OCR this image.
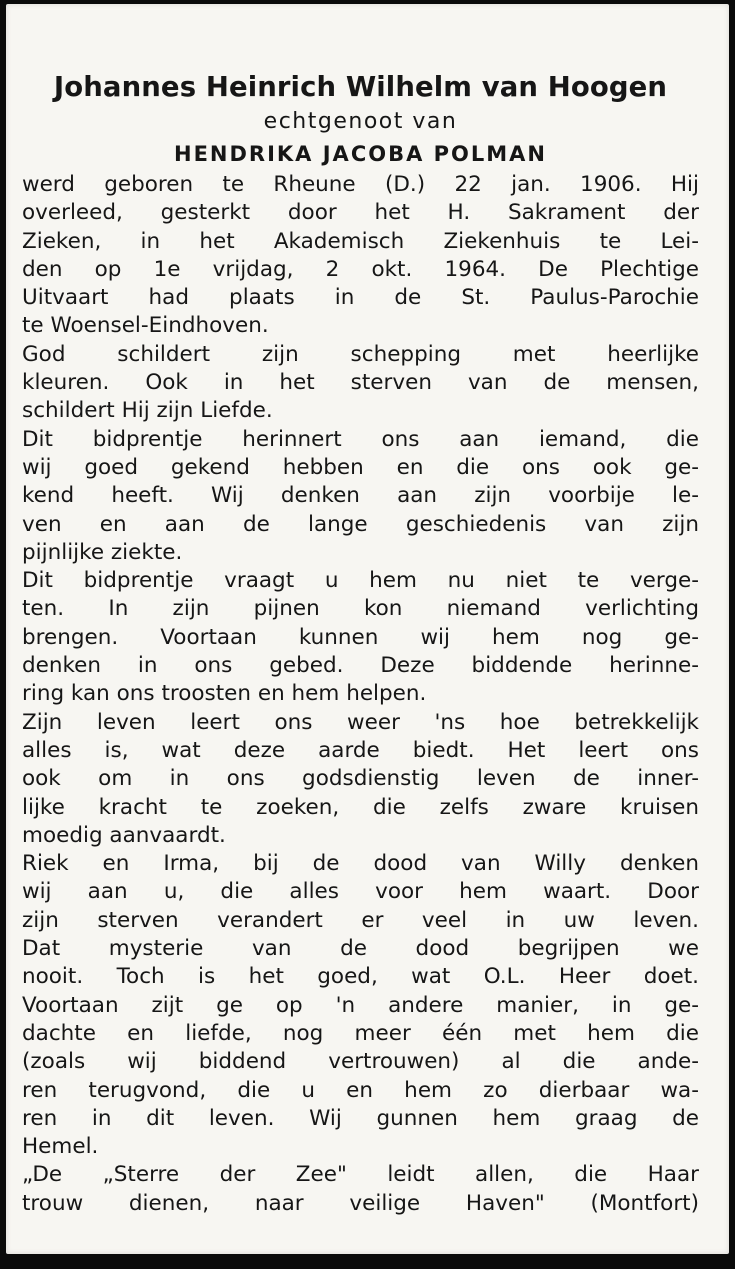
Johannes Heinrich Wilhelm van Hoogen
echtgenoot van
HENDRIKA JACOBA POLMAN
werd geboren te Rheune (D.) 22 jan. 1906. Hij
overleed, gesterkt door het H. Sakrament der
Zieken, in het Akademisch Ziekenhuis te Lei-
den op 1e vrijdag, 2 okt. 1964. De Plechtige
Uitvaart had plaats in de St. Paulus-Parochie
te Woensel-Eindhoven.
God schildert zijn schepping met heerlijke
kleuren. Ook in het sterven van de mensen,
schildert Hij zijn Liefde.
Dit bidprentje herinnert ons aan iemand, die
wij goed gekend hebben en die ons ook ge-
kend heeft. Wij denken aan zijn voorbije le-
ven en aan de lange geschiedenis van zijn
pijnlijke ziekte.
Dit bidprentje vraagt u hem nu niet te verge-
ten. In zijn pijnen kon niemand verlichting
brengen. Voortaan kunnen wij hem nog ge-
denken in ons gebed. Deze biddende herinne-
ring kan ons troosten en hem helpen.
Zijn leven leert ons weer 'ns hoe betrekkelijk
alles is, wat deze aarde biedt. Het leert ons
ook om in ons godsdienstig leven de inner-
lijke kracht te zoeken, die zelfs zware kruisen
moedig aanvaardt.
Riek en Irma, bij de dood van Willy denken
wij aan u, die alles voor hem waart. Door
zijn sterven verandert er veel in uw leven.
Dat mysterie van de dood begrijpen we
nooit. Toch is het goed, wat O.L. Heer doet.
Voortaan zijt ge op 'n andere manier, in ge-
dachte en liefde, nog meer één met hem die
(zoals wij biddend vertrouwen) al die ande-
ren terugvond, die u en hem zo dierbaar wa-
ren in dit leven. Wij gunnen hem graag de
Hemel.
„De „Sterre der Zee" leidt allen, die Haar
trouw dienen, naar veilige Haven" (Montfort)
